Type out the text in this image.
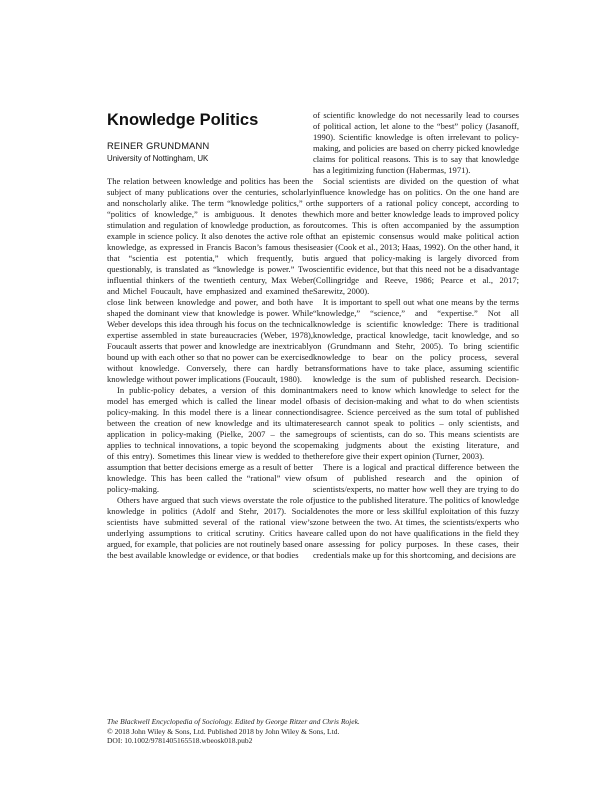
Knowledge Politics
REINER GRUNDMANN
University of Nottingham, UK

The relation between knowledge and politics has been the subject of many publications over the centuries, scholarly and nonscholarly alike. The term “knowledge politics,” or “politics of knowledge,” is ambiguous. It denotes the stimulation and regulation of knowledge production, as for example in science policy. It also denotes the active role of knowledge, as expressed in Francis Bacon’s famous thesis that “scientia est potentia,” which frequently, but questionably, is translated as “knowledge is power.” Two influential thinkers of the twentieth century, Max Weber and Michel Foucault, have emphasized and examined the close link between knowledge and power, and both have shaped the dominant view that knowledge is power. While Weber develops this idea through his focus on the technical expertise assembled in state bureaucracies (Weber, 1978), Foucault asserts that power and knowledge are inextricably bound up with each other so that no power can be exercised without knowledge. Conversely, there can hardly be knowledge without power implications (Foucault, 1980).

In public-policy debates, a version of this dominant model has emerged which is called the linear model of policy-making. In this model there is a linear connection between the creation of new knowledge and its ultimate application in policy-making (Pielke, 2007 – the same applies to technical innovations, a topic beyond the scope of this entry). Sometimes this linear view is wedded to the assumption that better decisions emerge as a result of better knowledge. This has been called the “rational” view of policy-making.

Others have argued that such views overstate the role of knowledge in politics (Adolf and Stehr, 2017). Social scientists have submitted several of the rational view’s underlying assumptions to critical scrutiny. Critics have argued, for example, that policies are not routinely based on the best available knowledge or evidence, or that bodies

of scientific knowledge do not necessarily lead to courses of political action, let alone to the “best” policy (Jasanoff, 1990). Scientific knowledge is often irrelevant to policy-making, and policies are based on cherry picked knowledge claims for political reasons. This is to say that knowledge has a legitimizing function (Habermas, 1971).

Social scientists are divided on the question of what influence knowledge has on politics. On the one hand are the supporters of a rational policy concept, according to which more and better knowledge leads to improved policy outcomes. This is often accompanied by the assumption that an epistemic consensus would make political action easier (Cook et al., 2013; Haas, 1992). On the other hand, it is argued that policy-making is largely divorced from scientific evidence, but that this need not be a disadvantage (Collingridge and Reeve, 1986; Pearce et al., 2017; Sarewitz, 2000).

It is important to spell out what one means by the terms “knowledge,” “science,” and “expertise.” Not all knowledge is scientific knowledge: There is traditional knowledge, practical knowledge, tacit knowledge, and so on (Grundmann and Stehr, 2005). To bring scientific knowledge to bear on the policy process, several transformations have to take place, assuming scientific knowledge is the sum of published research. Decision-makers need to know which knowledge to select for the basis of decision-making and what to do when scientists disagree. Science perceived as the sum total of published research cannot speak to politics – only scientists, and groups of scientists, can do so. This means scientists are making judgments about the existing literature, and therefore give their expert opinion (Turner, 2003).

There is a logical and practical difference between the sum of published research and the opinion of scientists/experts, no matter how well they are trying to do justice to the published literature. The politics of knowledge denotes the more or less skillful exploitation of this fuzzy zone between the two. At times, the scientists/experts who are called upon do not have qualifications in the field they are assessing for policy purposes. In these cases, their credentials make up for this shortcoming, and decisions are

The Blackwell Encyclopedia of Sociology. Edited by George Ritzer and Chris Rojek.
© 2018 John Wiley & Sons, Ltd. Published 2018 by John Wiley & Sons, Ltd.
DOI: 10.1002/9781405165518.wbeosk018.pub2
